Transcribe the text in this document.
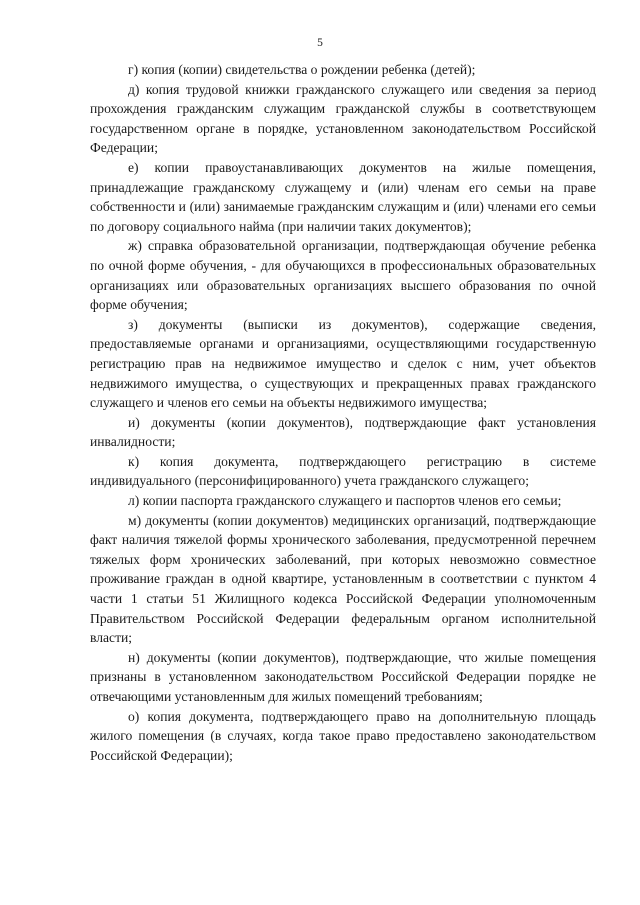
5

г) копия (копии) свидетельства о рождении ребенка (детей);

д) копия трудовой книжки гражданского служащего или сведения за период прохождения гражданским служащим гражданской службы в соответствующем государственном органе в порядке, установленном законодательством Российской Федерации;

е) копии правоустанавливающих документов на жилые помещения, принадлежащие гражданскому служащему и (или) членам его семьи на праве собственности и (или) занимаемые гражданским служащим и (или) членами его семьи по договору социального найма (при наличии таких документов);

ж) справка образовательной организации, подтверждающая обучение ребенка по очной форме обучения, - для обучающихся в профессиональных образовательных организациях или образовательных организациях высшего образования по очной форме обучения;

з) документы (выписки из документов), содержащие сведения, предоставляемые органами и организациями, осуществляющими государственную регистрацию прав на недвижимое имущество и сделок с ним, учет объектов недвижимого имущества, о существующих и прекращенных правах гражданского служащего и членов его семьи на объекты недвижимого имущества;

и) документы (копии документов), подтверждающие факт установления инвалидности;

к) копия документа, подтверждающего регистрацию в системе индивидуального (персонифицированного) учета гражданского служащего;

л) копии паспорта гражданского служащего и паспортов членов его семьи;

м) документы (копии документов) медицинских организаций, подтверждающие факт наличия тяжелой формы хронического заболевания, предусмотренной перечнем тяжелых форм хронических заболеваний, при которых невозможно совместное проживание граждан в одной квартире, установленным в соответствии с пунктом 4 части 1 статьи 51 Жилищного кодекса Российской Федерации уполномоченным Правительством Российской Федерации федеральным органом исполнительной власти;

н) документы (копии документов), подтверждающие, что жилые помещения признаны в установленном законодательством Российской Федерации порядке не отвечающими установленным для жилых помещений требованиям;

о) копия документа, подтверждающего право на дополнительную площадь жилого помещения (в случаях, когда такое право предоставлено законодательством Российской Федерации);
